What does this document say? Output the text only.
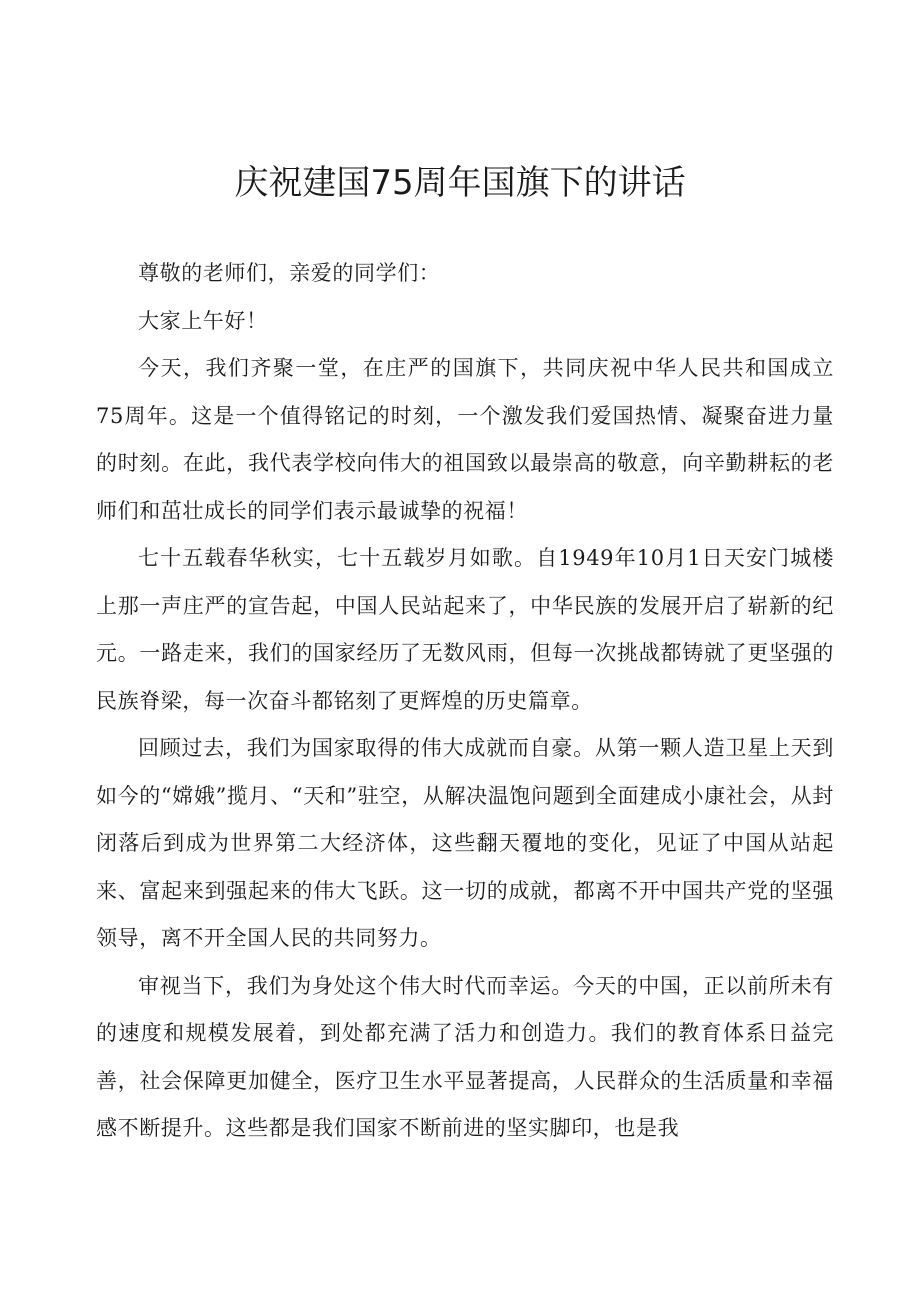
庆祝建国75周年国旗下的讲话

尊敬的老师们，亲爱的同学们：

大家上午好！

今天，我们齐聚一堂，在庄严的国旗下，共同庆祝中华人民共和国成立75周年。这是一个值得铭记的时刻，一个激发我们爱国热情、凝聚奋进力量的时刻。在此，我代表学校向伟大的祖国致以最崇高的敬意，向辛勤耕耘的老师们和茁壮成长的同学们表示最诚挚的祝福！

七十五载春华秋实，七十五载岁月如歌。自1949年10月1日天安门城楼上那一声庄严的宣告起，中国人民站起来了，中华民族的发展开启了崭新的纪元。一路走来，我们的国家经历了无数风雨，但每一次挑战都铸就了更坚强的民族脊梁，每一次奋斗都铭刻了更辉煌的历史篇章。

回顾过去，我们为国家取得的伟大成就而自豪。从第一颗人造卫星上天到如今的“嫦娥”揽月、“天和”驻空，从解决温饱问题到全面建成小康社会，从封闭落后到成为世界第二大经济体，这些翻天覆地的变化，见证了中国从站起来、富起来到强起来的伟大飞跃。这一切的成就，都离不开中国共产党的坚强领导，离不开全国人民的共同努力。

审视当下，我们为身处这个伟大时代而幸运。今天的中国，正以前所未有的速度和规模发展着，到处都充满了活力和创造力。我们的教育体系日益完善，社会保障更加健全，医疗卫生水平显著提高，人民群众的生活质量和幸福感不断提升。这些都是我们国家不断前进的坚实脚印，也是我
